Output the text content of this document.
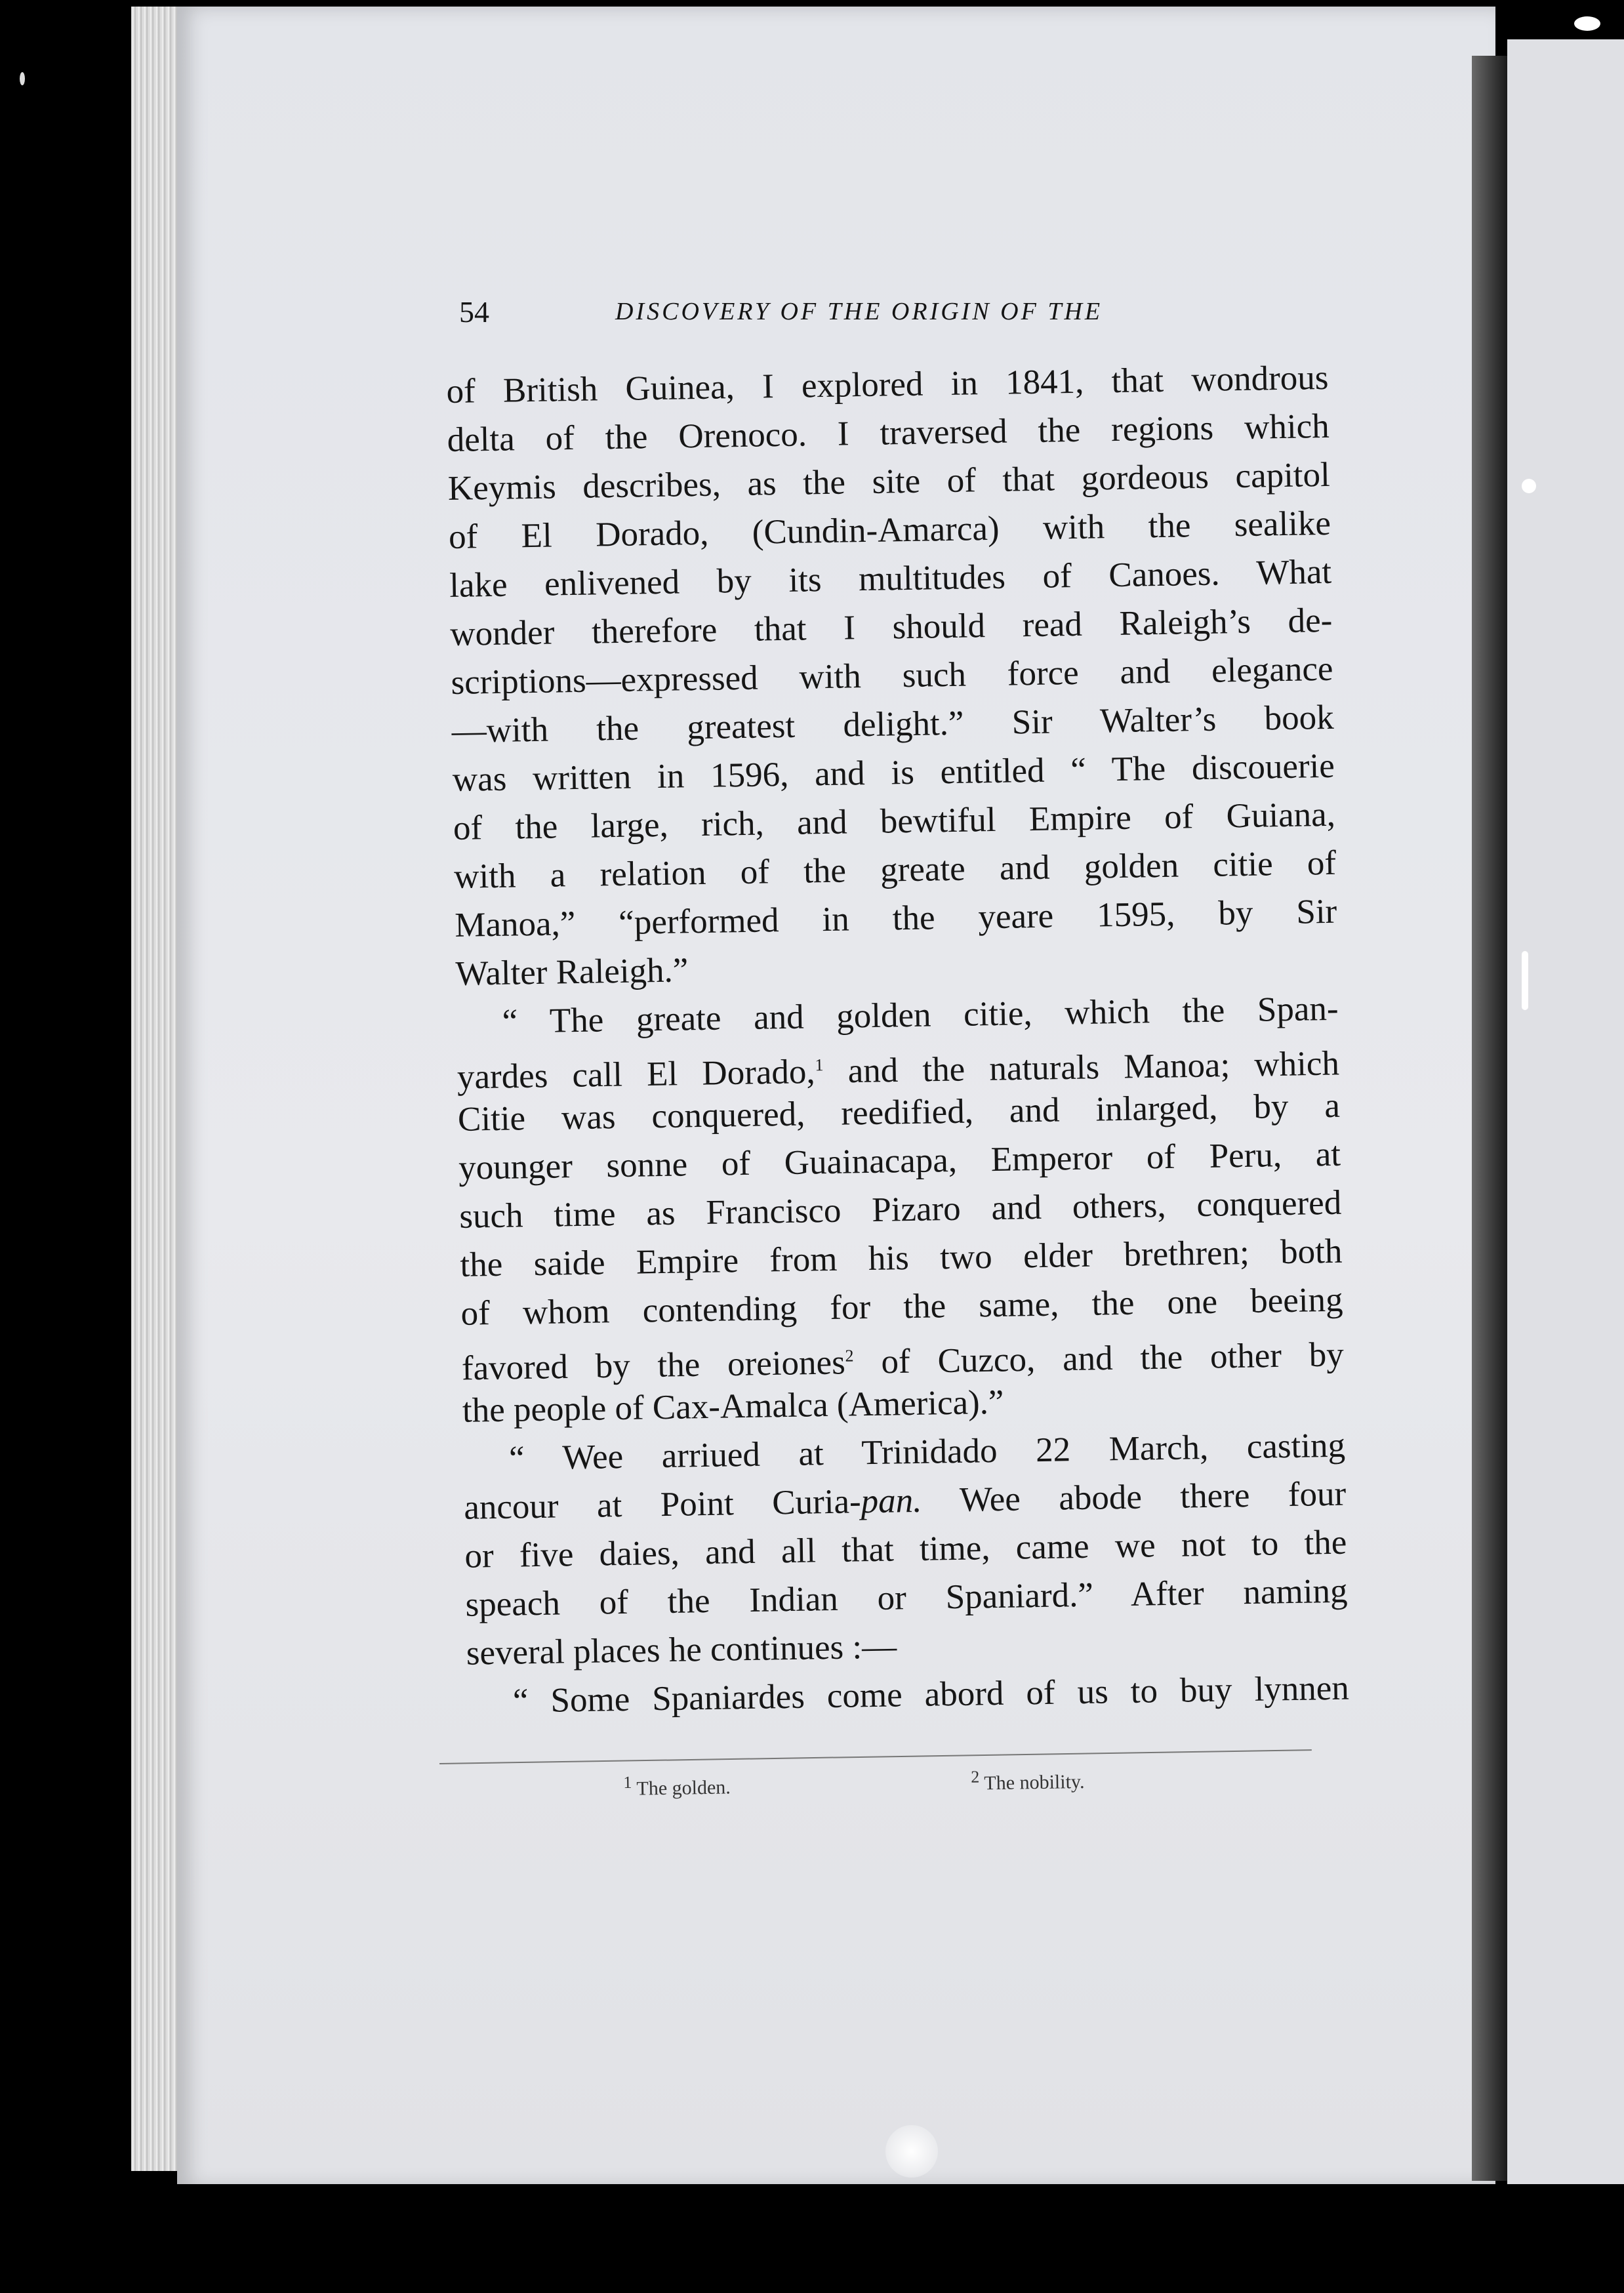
54	DISCOVERY OF THE ORIGIN OF THE
of British Guinea, I explored in 1841, that wondrous
delta of the Orenoco. I traversed the regions which
Keymis describes, as the site of that gordeous capitol
of El Dorado, (Cundin-Amarca) with the sealike
lake enlivened by its multitudes of Canoes. What
wonder therefore that I should read Raleigh’s de-
scriptions—expressed with such force and elegance
—with the greatest delight.” Sir Walter’s book
was written in 1596, and is entitled “ The discouerie
of the large, rich, and bewtiful Empire of Guiana,
with a relation of the greate and golden citie of
Manoa,” “performed in the yeare 1595, by Sir
Walter Raleigh.”
“ The greate and golden citie, which the Span-
yardes call El Dorado,$^1$ and the naturals Manoa; which
Citie was conquered, reedified, and inlarged, by a
younger sonne of Guainacapa, Emperor of Peru, at
such time as Francisco Pizaro and others, conquered
the saide Empire from his two elder brethren; both
of whom contending for the same, the one beeing
favored by the oreiones$^2$ of Cuzco, and the other by
the people of Cax-Amalca (America).”
“ Wee arriued at Trinidado 22 March, casting
ancour at Point Curia-pan. Wee abode there four
or five daies, and all that time, came we not to the
speach of the Indian or Spaniard.” After naming
several places he continues :—
“ Some Spaniardes come abord of us to buy lynnen
$^1$ The golden.	$^2$ The nobility.
